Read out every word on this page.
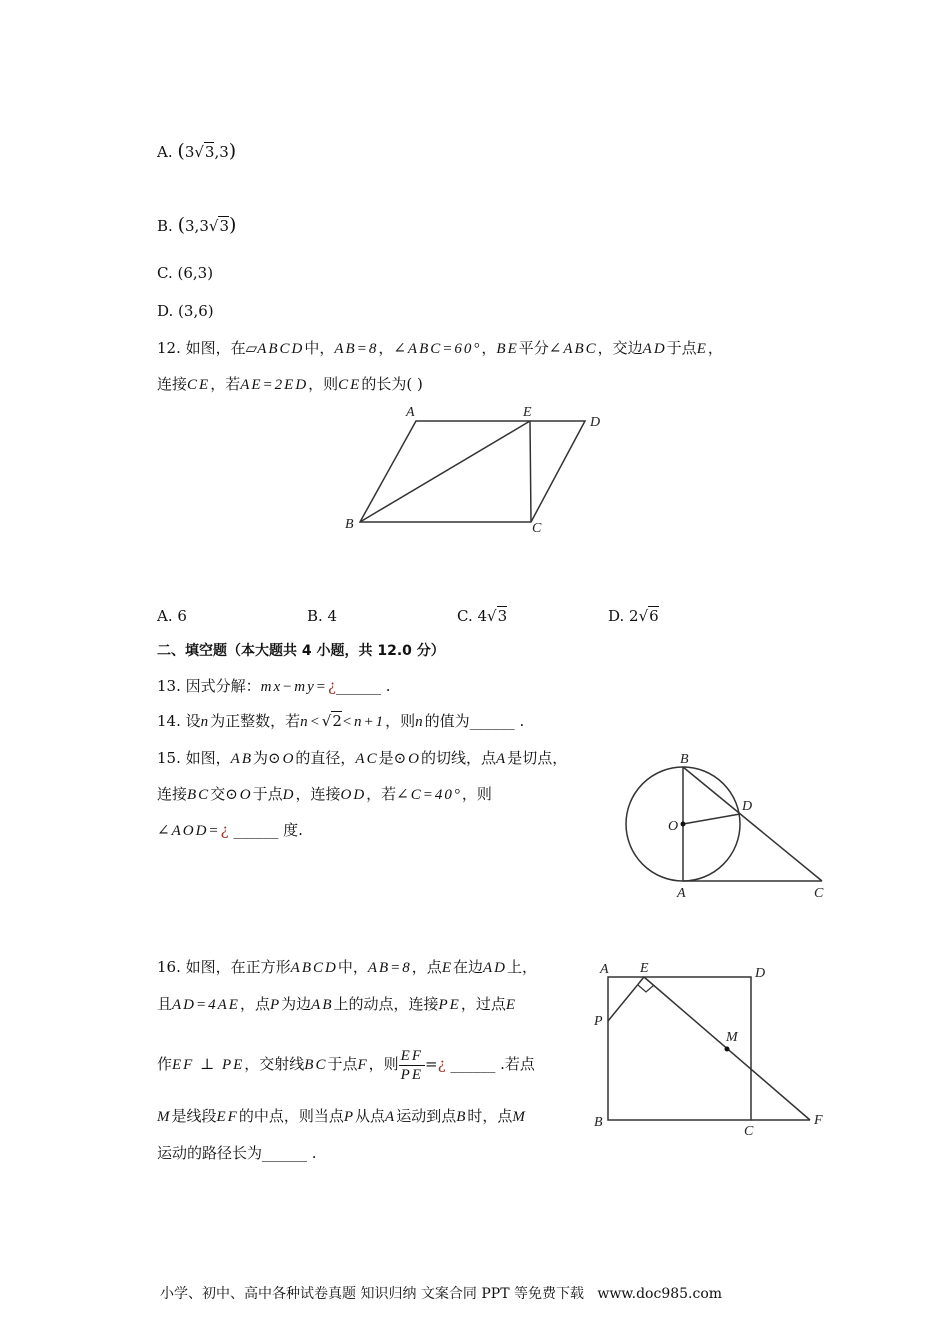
A. (3√3,3)
B. (3,3√3)
C. (6,3)
D. (3,6)
12. 如图，在▱ABCD中，AB=8，∠ABC=60°，BE平分∠ABC，交边AD于点E，
连接CE，若AE=2ED，则CE的长为( )
A	E
D
B	C
A. 6	B. 4	C. 4√3	D. 2√6
二、填空题（本大题共 4 小题，共 12.0 分）
13. 因式分解：mx−my=¿______ .
14. 设n为正整数，若n<√2<n+1，则n的值为______ .
15. 如图，AB为⊙O的直径，AC是⊙O的切线，点A是切点，
连接BC交⊙O于点D，连接OD，若∠C=40°，则
∠AOD=¿ ______ 度.
B
D
O
A	C
16. 如图，在正方形ABCD中，AB=8，点E在边AD上，
且AD=4AE，点P为边AB上的动点，连接PE，过点E
作EF ⊥ PE，交射线BC于点F，则 $\frac{EF}{PE}$ =¿ ______ .若点
M是线段EF的中点，则当点P从点A运动到点B时，点M
运动的路径长为______ .
A E	D
P
M
B
C
F
小学、初中、高中各种试卷真题 知识归纳 文案合同 PPT 等免费下载 www.doc985.com
